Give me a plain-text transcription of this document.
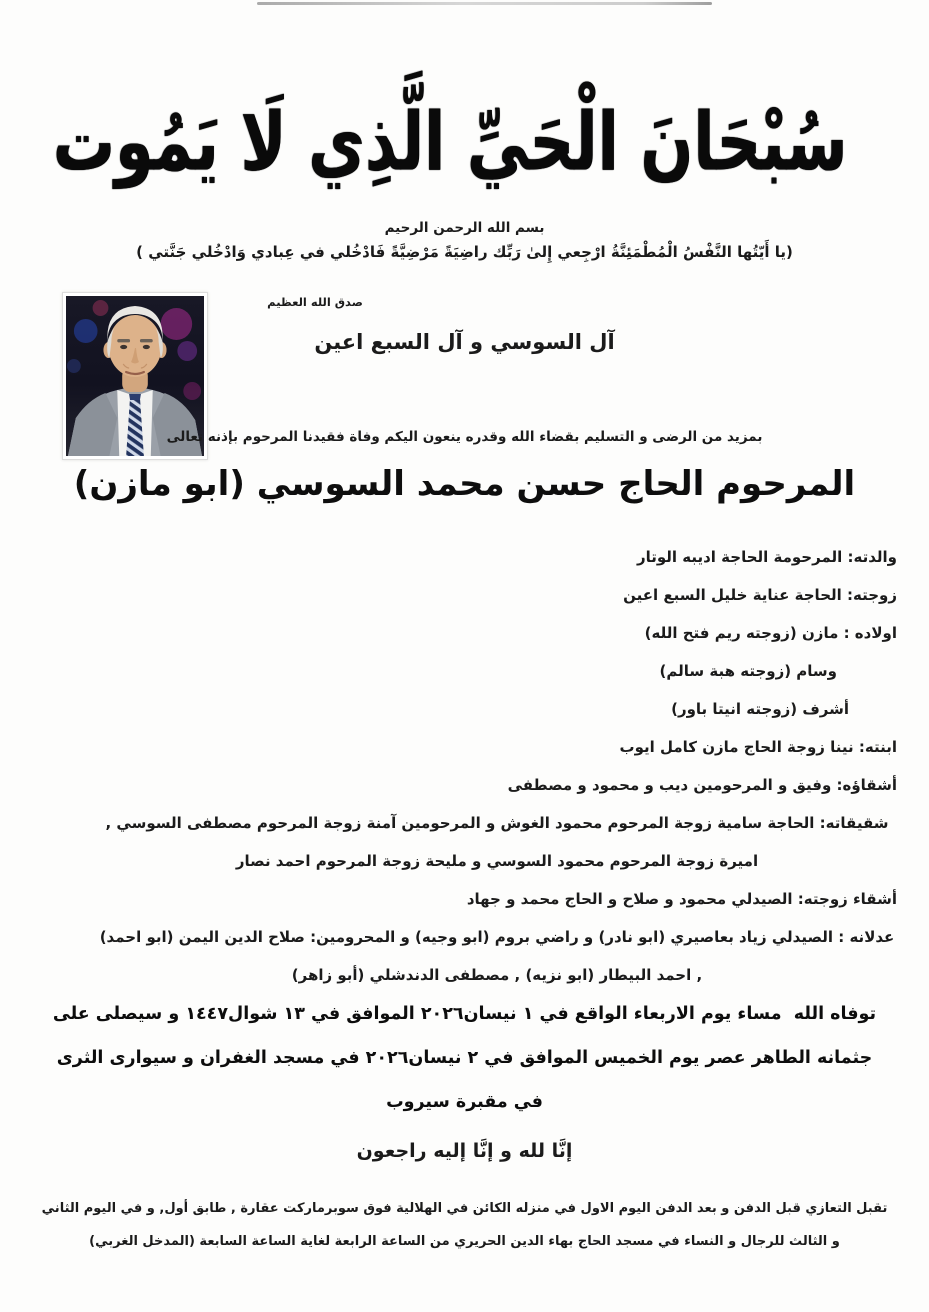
سُبْحَانَ الْحَيِّ الَّذِي لَا يَمُوت
بسم الله الرحمن الرحيم
(يا أَيّتُها النَّفْسُ الْمُطْمَئِنَّةُ ارْجِعي إِلىٰ رَبِّك راضِيَةً مَرْضِيَّةً فَادْخُلي في عِبادي وَادْخُلي جَنَّتي )
صدق الله العظيم
آل السوسي و آل السبع اعين
بمزيد من الرضى و التسليم بقضاء الله وقدره ينعون اليكم وفاة فقيدنا المرحوم بإذنه تعالى
المرحوم الحاج حسن محمد السوسي (ابو مازن)
والدته: المرحومة الحاجة اديبه الوتار
زوجته: الحاجة عناية خليل السبع اعين
اولاده : مازن (زوجته ريم فتح الله)
وسام (زوجته هبة سالم)
أشرف (زوجته انيتا باور)
ابنته: نينا زوجة الحاج مازن كامل ايوب
أشقاؤه: وفيق و المرحومين ديب و محمود و مصطفى
شقيقاته: الحاجة سامية زوجة المرحوم محمود الغوش و المرحومين آمنة زوجة المرحوم مصطفى السوسي , اميرة زوجة المرحوم محمود السوسي و مليحة زوجة المرحوم احمد نصار
أشقاء زوجته: الصيدلي محمود و صلاح و الحاج محمد و جهاد
عدلانه : الصيدلي زياد بعاصيري (ابو نادر) و راضي بروم (ابو وجيه) و المحرومين: صلاح الدين اليمن (ابو احمد) , احمد البيطار (ابو نزيه) , مصطفى الدندشلي (أبو زاهر)
توفاه الله  مساء يوم الاربعاء الواقع في ١ نيسان٢٠٢٦ الموافق في ١٣ شوال١٤٤٧ و سيصلى على جثمانه الطاهر عصر يوم الخميس الموافق في ٢ نيسان٢٠٢٦ في مسجد الغفران و سيوارى الثرى في مقبرة سيروب
إنَّا لله و إنَّا إليه راجعون
تقبل التعازي قبل الدفن و بعد الدفن اليوم الاول في منزله الكائن في الهلالية فوق سوبرماركت عقارة , طابق أول, و في اليوم الثاني و الثالث للرجال و النساء في مسجد الحاج بهاء الدين الحريري من الساعة الرابعة لغاية الساعة السابعة (المدخل الغربي)
